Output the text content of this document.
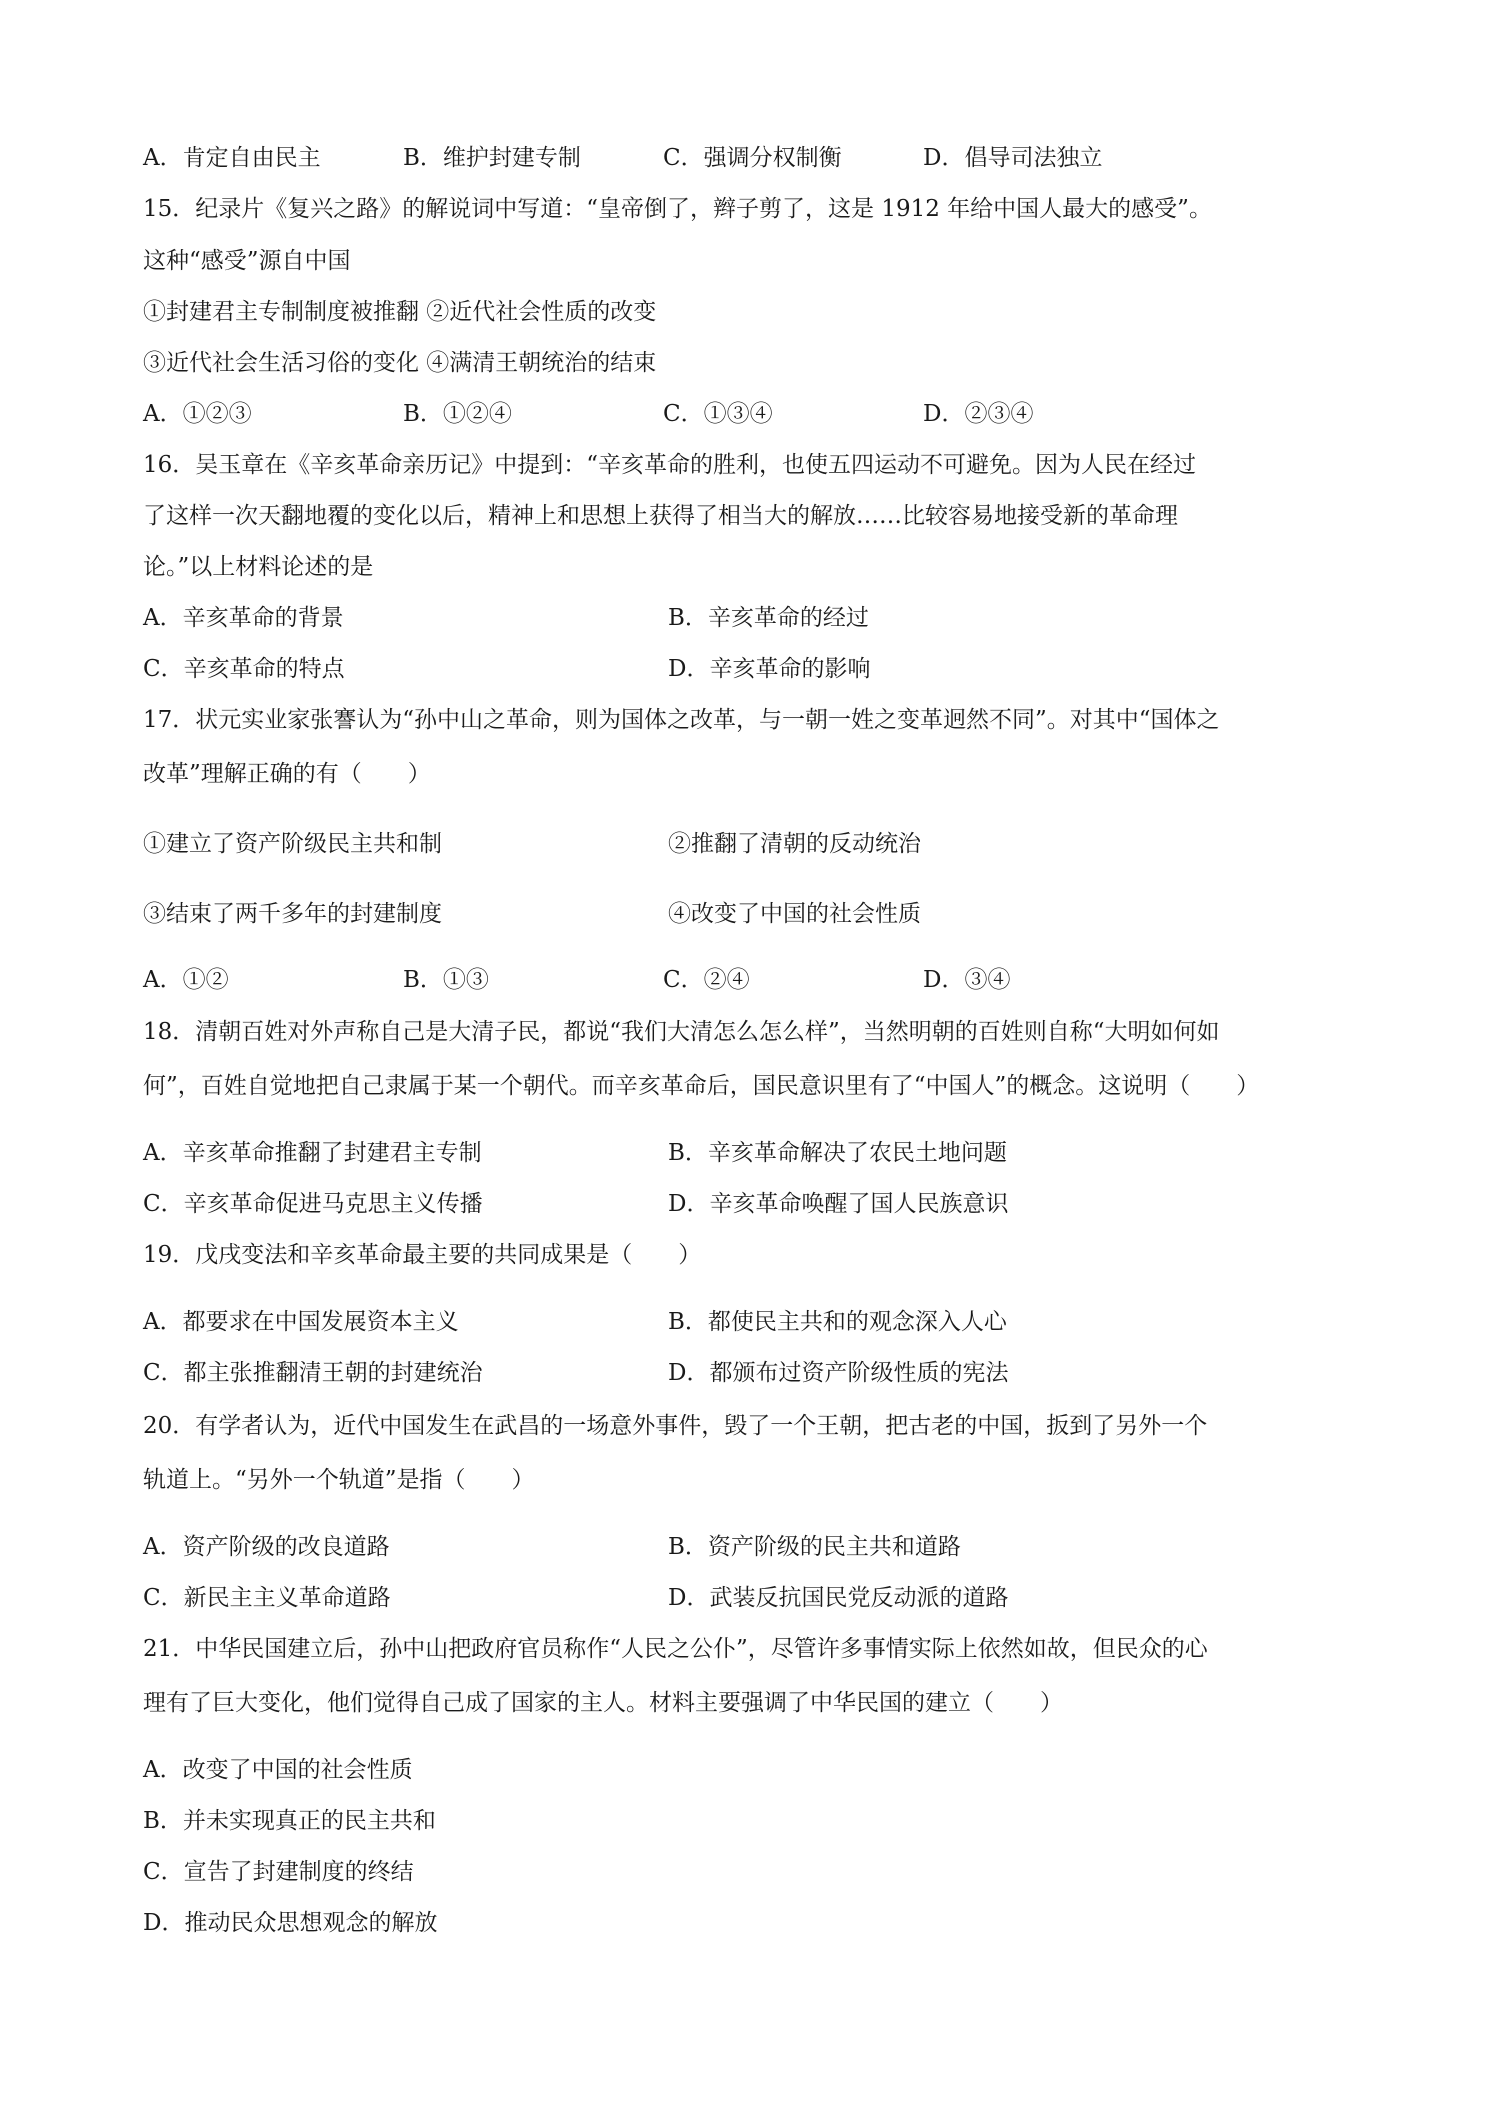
A．肯定自由民主	B．维护封建专制	C．强调分权制衡	D．倡导司法独立
15．纪录片《复兴之路》的解说词中写道：“皇帝倒了，辫子剪了，这是 1912 年给中国人最大的感受”。
这种“感受”源自中国
①封建君主专制制度被推翻 ②近代社会性质的改变
③近代社会生活习俗的变化 ④满清王朝统治的结束
A．①②③	B．①②④	C．①③④	D．②③④
16．吴玉章在《辛亥革命亲历记》中提到：“辛亥革命的胜利，也使五四运动不可避免。因为人民在经过
了这样一次天翻地覆的变化以后，精神上和思想上获得了相当大的解放……比较容易地接受新的革命理
论。”以上材料论述的是
A．辛亥革命的背景	B．辛亥革命的经过
C．辛亥革命的特点	D．辛亥革命的影响
17．状元实业家张謇认为“孙中山之革命，则为国体之改革，与一朝一姓之变革迥然不同”。对其中“国体之
改革”理解正确的有（　　）
①建立了资产阶级民主共和制	②推翻了清朝的反动统治
③结束了两千多年的封建制度	④改变了中国的社会性质
A．①②	B．①③	C．②④	D．③④
18．清朝百姓对外声称自己是大清子民，都说“我们大清怎么怎么样”，当然明朝的百姓则自称“大明如何如
何”，百姓自觉地把自己隶属于某一个朝代。而辛亥革命后，国民意识里有了“中国人”的概念。这说明（　　）
A．辛亥革命推翻了封建君主专制	B．辛亥革命解决了农民土地问题
C．辛亥革命促进马克思主义传播	D．辛亥革命唤醒了国人民族意识
19．戊戌变法和辛亥革命最主要的共同成果是（　　）
A．都要求在中国发展资本主义	B．都使民主共和的观念深入人心
C．都主张推翻清王朝的封建统治	D．都颁布过资产阶级性质的宪法
20．有学者认为，近代中国发生在武昌的一场意外事件，毁了一个王朝，把古老的中国，扳到了另外一个
轨道上。“另外一个轨道”是指（　　）
A．资产阶级的改良道路	B．资产阶级的民主共和道路
C．新民主主义革命道路	D．武装反抗国民党反动派的道路
21．中华民国建立后，孙中山把政府官员称作“人民之公仆”，尽管许多事情实际上依然如故，但民众的心
理有了巨大变化，他们觉得自己成了国家的主人。材料主要强调了中华民国的建立（　　）
A．改变了中国的社会性质
B．并未实现真正的民主共和
C．宣告了封建制度的终结
D．推动民众思想观念的解放
